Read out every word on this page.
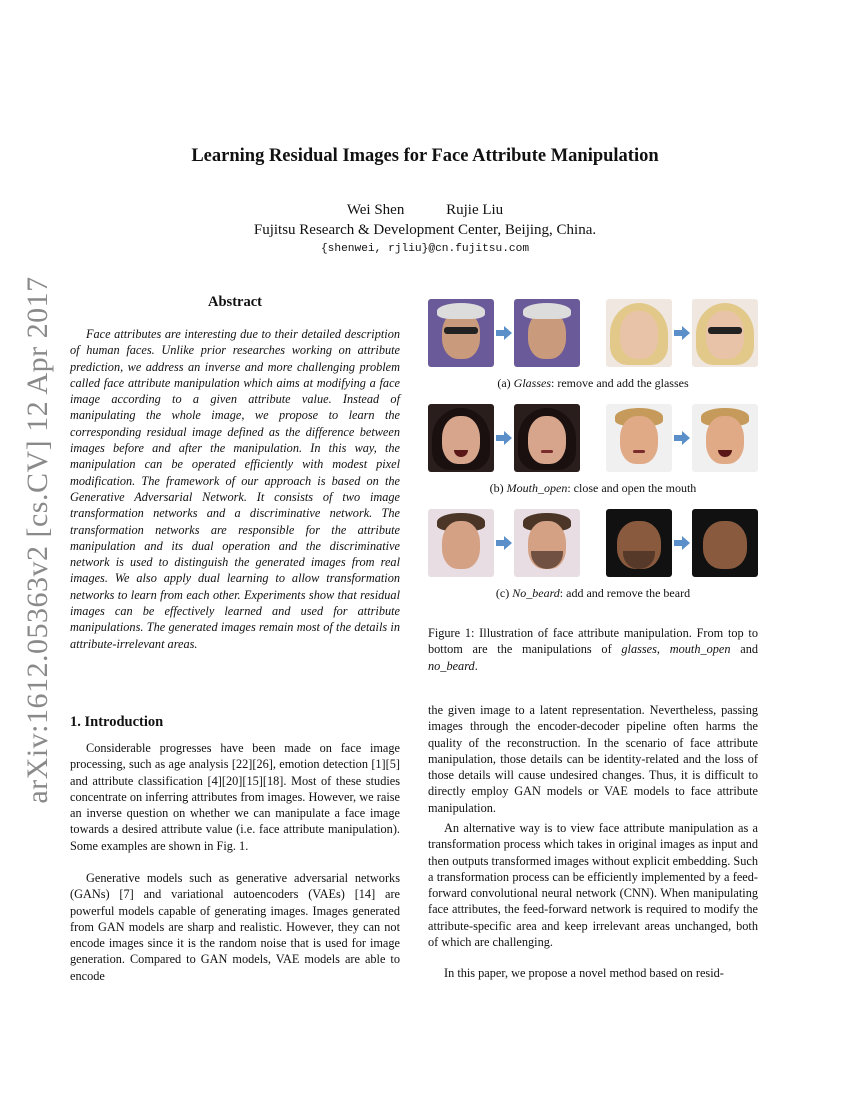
arXiv:1612.05363v2 [cs.CV] 12 Apr 2017
Learning Residual Images for Face Attribute Manipulation
Wei Shen	Rujie Liu
Fujitsu Research & Development Center, Beijing, China.
{shenwei, rjliu}@cn.fujitsu.com
Abstract

Face attributes are interesting due to their detailed description of human faces. Unlike prior researches working on attribute prediction, we address an inverse and more challenging problem called face attribute manipulation which aims at modifying a face image according to a given attribute value. Instead of manipulating the whole image, we propose to learn the corresponding residual image defined as the difference between images before and after the manipulation. In this way, the manipulation can be operated efficiently with modest pixel modification. The framework of our approach is based on the Generative Adversarial Network. It consists of two image transformation networks and a discriminative network. The transformation networks are responsible for the attribute manipulation and its dual operation and the discriminative network is used to distinguish the generated images from real images. We also apply dual learning to allow transformation networks to learn from each other. Experiments show that residual images can be effectively learned and used for attribute manipulations. The generated images remain most of the details in attribute-irrelevant areas.

1. Introduction

Considerable progresses have been made on face image processing, such as age analysis [22][26], emotion detection [1][5] and attribute classification [4][20][15][18]. Most of these studies concentrate on inferring attributes from images. However, we raise an inverse question on whether we can manipulate a face image towards a desired attribute value (i.e. face attribute manipulation). Some examples are shown in Fig. 1.

Generative models such as generative adversarial networks (GANs) [7] and variational autoencoders (VAEs) [14] are powerful models capable of generating images. Images generated from GAN models are sharp and realistic. However, they can not encode images since it is the random noise that is used for image generation. Compared to GAN models, VAE models are able to encode

(a) Glasses: remove and add the glasses
(b) Mouth_open: close and open the mouth
(c) No_beard: add and remove the beard

Figure 1: Illustration of face attribute manipulation. From top to bottom are the manipulations of glasses, mouth_open and no_beard.

the given image to a latent representation. Nevertheless, passing images through the encoder-decoder pipeline often harms the quality of the reconstruction. In the scenario of face attribute manipulation, those details can be identity-related and the loss of those details will cause undesired changes. Thus, it is difficult to directly employ GAN models or VAE models to face attribute manipulation.

An alternative way is to view face attribute manipulation as a transformation process which takes in original images as input and then outputs transformed images without explicit embedding. Such a transformation process can be efficiently implemented by a feed-forward convolutional neural network (CNN). When manipulating face attributes, the feed-forward network is required to modify the attribute-specific area and keep irrelevant areas unchanged, both of which are challenging.

In this paper, we propose a novel method based on resid-
